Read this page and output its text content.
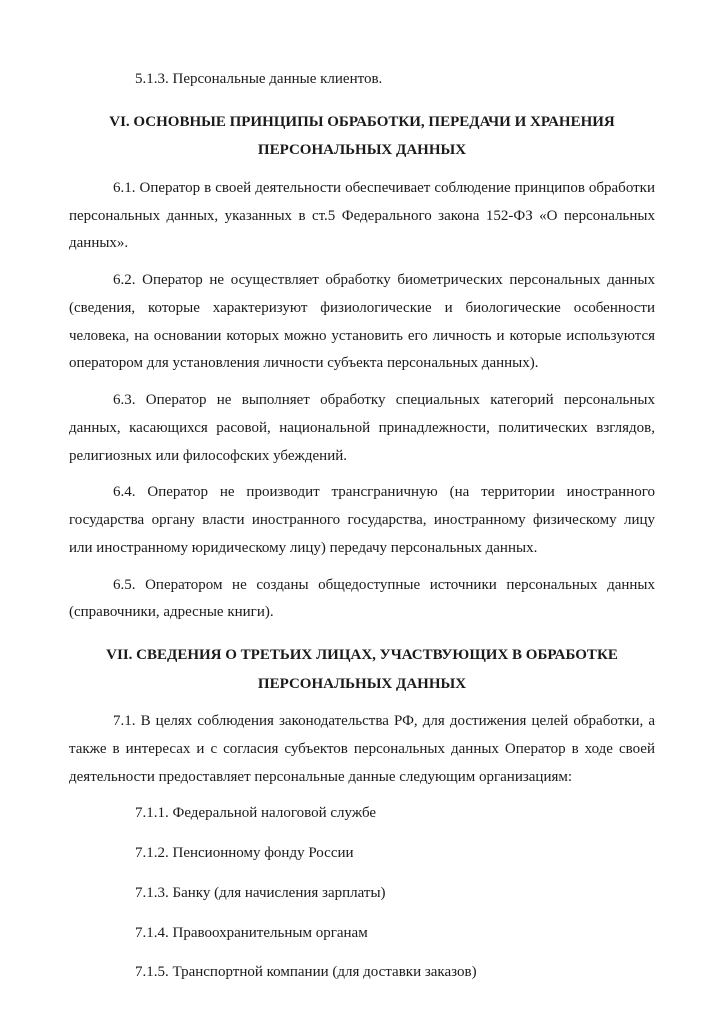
5.1.3. Персональные данные клиентов.

VI. ОСНОВНЫЕ ПРИНЦИПЫ ОБРАБОТКИ, ПЕРЕДАЧИ И ХРАНЕНИЯ ПЕРСОНАЛЬНЫХ ДАННЫХ

6.1. Оператор в своей деятельности обеспечивает соблюдение принципов обработки персональных данных, указанных в ст.5 Федерального закона 152-ФЗ «О персональных данных».

6.2. Оператор не осуществляет обработку биометрических персональных данных (сведения, которые характеризуют физиологические и биологические особенности человека, на основании которых можно установить его личность и которые используются оператором для установления личности субъекта персональных данных).

6.3. Оператор не выполняет обработку специальных категорий персональных данных, касающихся расовой, национальной принадлежности, политических взглядов, религиозных или философских убеждений.

6.4. Оператор не производит трансграничную (на территории иностранного государства органу власти иностранного государства, иностранному физическому лицу или иностранному юридическому лицу) передачу персональных данных.

6.5. Оператором не созданы общедоступные источники персональных данных (справочники, адресные книги).

VII. СВЕДЕНИЯ О ТРЕТЬИХ ЛИЦАХ, УЧАСТВУЮЩИХ В ОБРАБОТКЕ ПЕРСОНАЛЬНЫХ ДАННЫХ

7.1. В целях соблюдения законодательства РФ, для достижения целей обработки, а также в интересах и с согласия субъектов персональных данных Оператор в ходе своей деятельности предоставляет персональные данные следующим организациям:

7.1.1. Федеральной налоговой службе

7.1.2. Пенсионному фонду России

7.1.3. Банку (для начисления зарплаты)

7.1.4. Правоохранительным органам

7.1.5. Транспортной компании (для доставки заказов)
